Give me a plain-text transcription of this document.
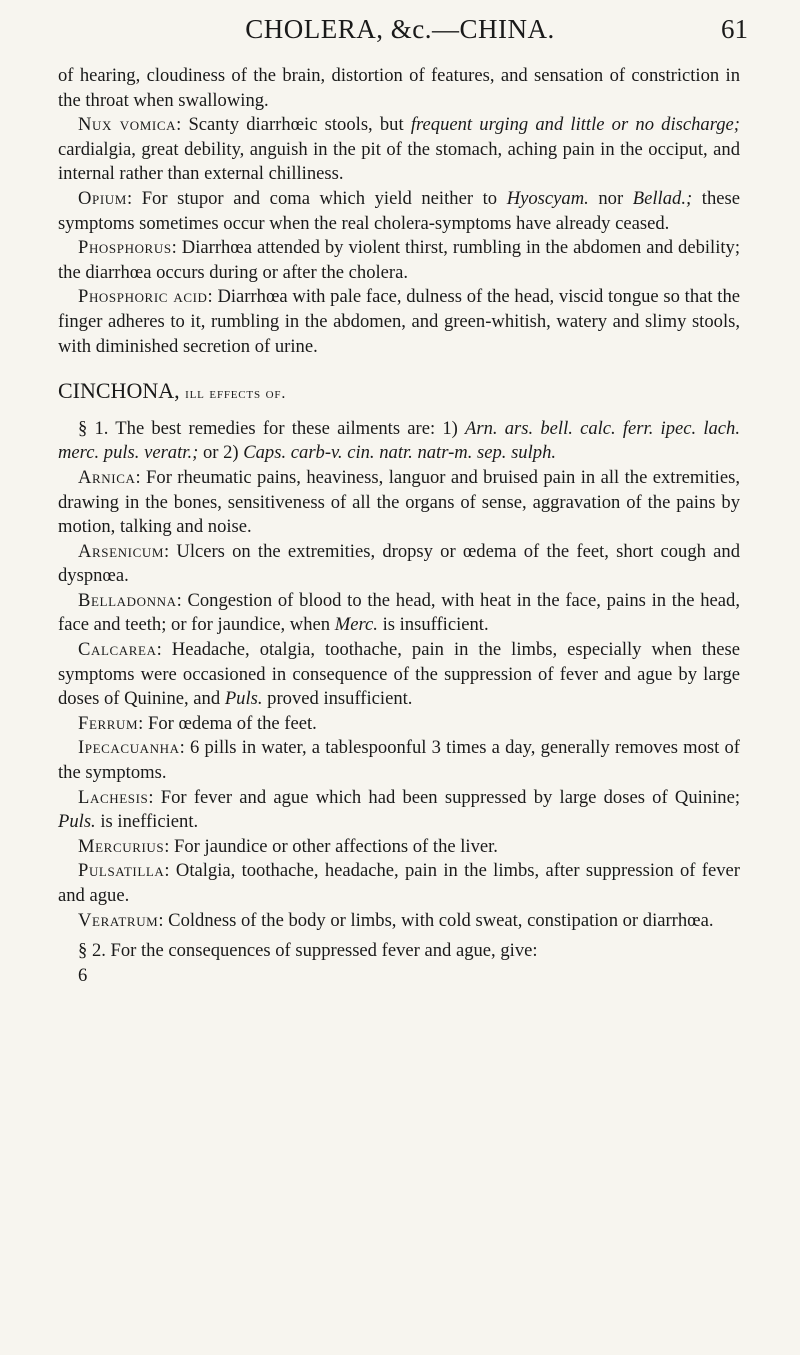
CHOLERA, &c.—CHINA.	61

of hearing, cloudiness of the brain, distortion of features, and sensation of constriction in the throat when swallowing.

Nux vomica: Scanty diarrhœic stools, but frequent urging and little or no discharge; cardialgia, great debility, anguish in the pit of the stomach, aching pain in the occiput, and internal rather than external chilliness.

Opium: For stupor and coma which yield neither to Hyoscyam. nor Bellad.; these symptoms sometimes occur when the real cholera-symptoms have already ceased.

Phosphorus: Diarrhœa attended by violent thirst, rumbling in the abdomen and debility; the diarrhœa occurs during or after the cholera.

Phosphoric acid: Diarrhœa with pale face, dulness of the head, viscid tongue so that the finger adheres to it, rumbling in the abdomen, and green-whitish, watery and slimy stools, with diminished secretion of urine.

CINCHONA, ill effects of.

§ 1. The best remedies for these ailments are: 1) Arn. ars. bell. calc. ferr. ipec. lach. merc. puls. veratr.; or 2) Caps. carb-v. cin. natr. natr-m. sep. sulph.

Arnica: For rheumatic pains, heaviness, languor and bruised pain in all the extremities, drawing in the bones, sensitiveness of all the organs of sense, aggravation of the pains by motion, talking and noise.

Arsenicum: Ulcers on the extremities, dropsy or œdema of the feet, short cough and dyspnœa.

Belladonna: Congestion of blood to the head, with heat in the face, pains in the head, face and teeth; or for jaundice, when Merc. is insufficient.

Calcarea: Headache, otalgia, toothache, pain in the limbs, especially when these symptoms were occasioned in consequence of the suppression of fever and ague by large doses of Quinine, and Puls. proved insufficient.

Ferrum: For œdema of the feet.

Ipecacuanha: 6 pills in water, a tablespoonful 3 times a day, generally removes most of the symptoms.

Lachesis: For fever and ague which had been suppressed by large doses of Quinine; Puls. is inefficient.

Mercurius: For jaundice or other affections of the liver.

Pulsatilla: Otalgia, toothache, headache, pain in the limbs, after suppression of fever and ague.

Veratrum: Coldness of the body or limbs, with cold sweat, constipation or diarrhœa.

§ 2. For the consequences of suppressed fever and ague, give:

6
